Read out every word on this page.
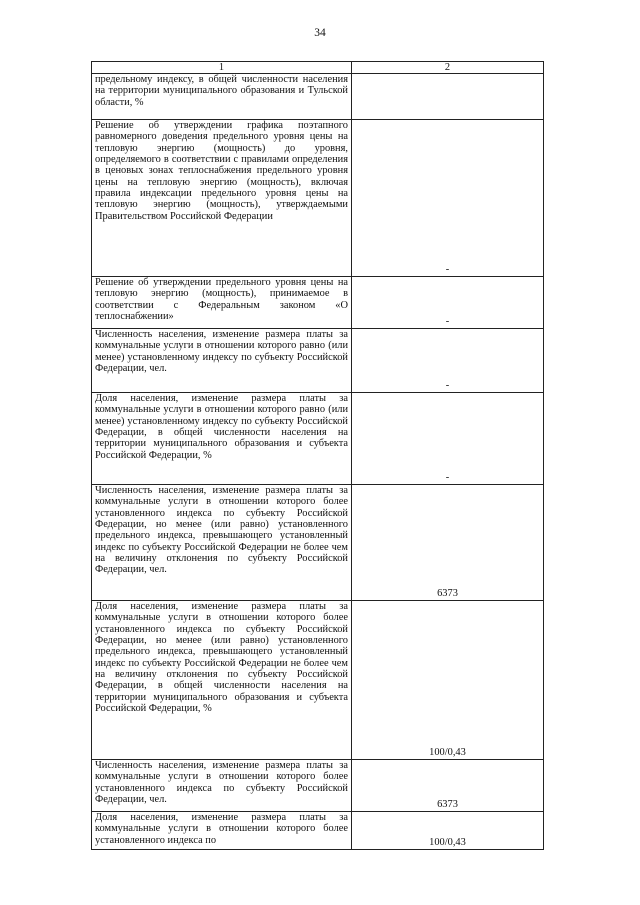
34
1	2
предельному индексу, в общей численности населения на территории муниципального образования и Тульской области, %	
Решение об утверждении графика поэтапного равномерного доведения предельного уровня цены на тепловую энергию (мощность) до уровня, определяемого в соответствии с правилами определения в ценовых зонах теплоснабжения предельного уровня цены на тепловую энергию (мощность), включая правила индексации предельного уровня цены на тепловую энергию (мощность), утверждаемыми Правительством Российской Федерации	-
Решение об утверждении предельного уровня цены на тепловую энергию (мощность), принимаемое в соответствии с Федеральным законом «О теплоснабжении»	-
Численность населения, изменение размера платы за коммунальные услуги в отношении которого равно (или менее) установленному индексу по субъекту Российской Федерации, чел.	-
Доля населения, изменение размера платы за коммунальные услуги в отношении которого равно (или менее) установленному индексу по субъекту Российской Федерации, в общей численности населения на территории муниципального образования и субъекта Российской Федерации, %	-
Численность населения, изменение размера платы за коммунальные услуги в отношении которого более установленного индекса по субъекту Российской Федерации, но менее (или равно) установленного предельного индекса, превышающего установленный индекс по субъекту Российской Федерации не более чем на величину отклонения по субъекту Российской Федерации, чел.	6373
Доля населения, изменение размера платы за коммунальные услуги в отношении которого более установленного индекса по субъекту Российской Федерации, но менее (или равно) установленного предельного индекса, превышающего установленный индекс по субъекту Российской Федерации не более чем на величину отклонения по субъекту Российской Федерации, в общей численности населения на территории муниципального образования и субъекта Российской Федерации, %	100/0,43
Численность населения, изменение размера платы за коммунальные услуги в отношении которого более установленного индекса по субъекту Российской Федерации, чел.	6373
Доля населения, изменение размера платы за коммунальные услуги в отношении которого более установленного индекса по	100/0,43
